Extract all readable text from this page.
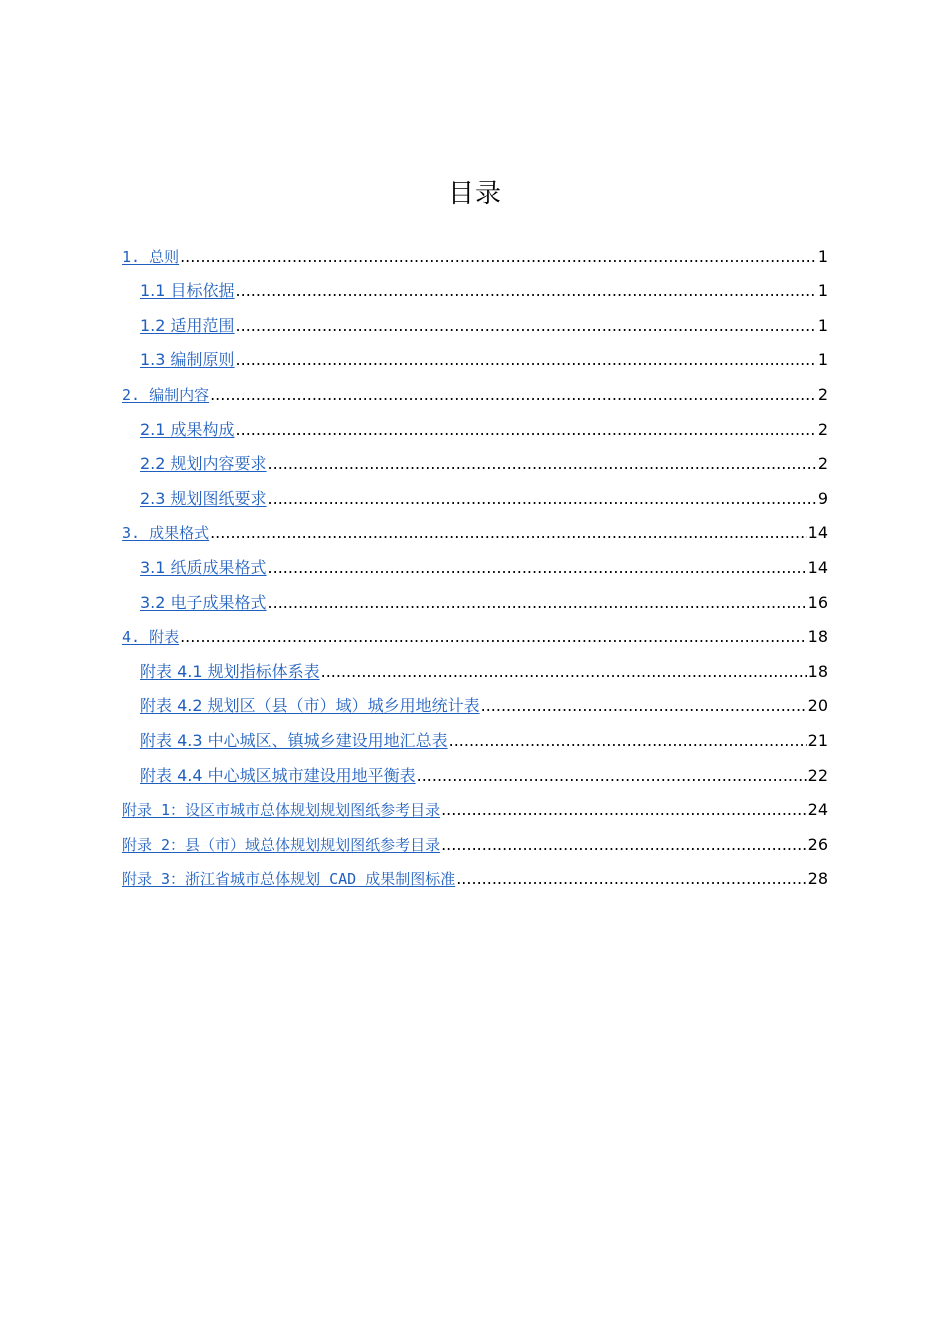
目录
1. 总则 .....	1
1.1 目标依据 .....	1
1.2 适用范围 .....	1
1.3 编制原则 .....	1
2. 编制内容 .....	2
2.1 成果构成 .....	2
2.2 规划内容要求 .....	2
2.3 规划图纸要求 .....	9
3. 成果格式 .....	14
3.1 纸质成果格式 .....	14
3.2 电子成果格式 .....	16
4. 附表 .....	18
附表 4.1 规划指标体系表 .....	18
附表 4.2 规划区（县（市）域）城乡用地统计表 .....	20
附表 4.3 中心城区、镇城乡建设用地汇总表 .....	21
附表 4.4 中心城区城市建设用地平衡表 .....	22
附录 1：设区市城市总体规划规划图纸参考目录 .....	24
附录 2：县（市）域总体规划规划图纸参考目录 .....	26
附录 3：浙江省城市总体规划 CAD 成果制图标准 .....	28
